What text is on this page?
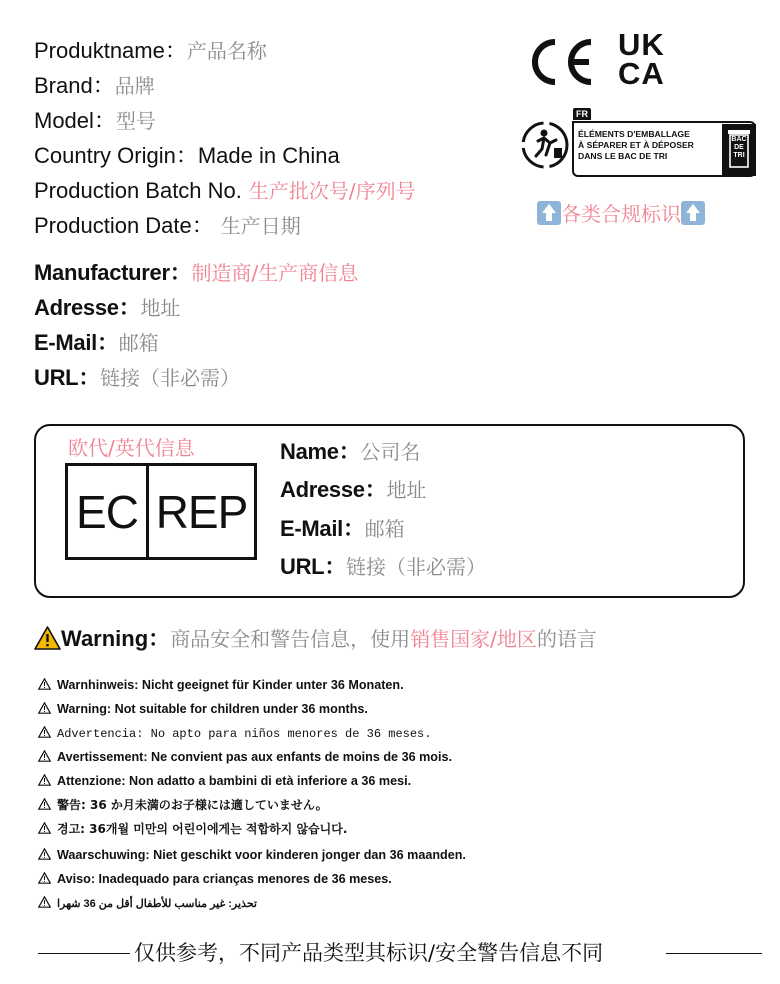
Produktname：产品名称
Brand：品牌
Model：型号
Country Origin：Made in China
Production Batch No. 生产批次号/序列号
Production Date： 生产日期
Manufacturer：制造商/生产商信息
Adresse：地址
E-Mail：邮箱
URL：链接（非必需）
UK
CA
FR
ÉLÉMENTS D'EMBALLAGE
À SÉPARER ET À DÉPOSER
DANS LE BAC DE TRI
BAC
DE
TRI
各类合规标识
欧代/英代信息
EC REP
Name：公司名
Adresse：地址
E-Mail：邮箱
URL：链接（非必需）
Warning：商品安全和警告信息，使用销售国家/地区的语言
Warnhinweis: Nicht geeignet für Kinder unter 36 Monaten.
Warning: Not suitable for children under 36 months.
Advertencia: No apto para niños menores de 36 meses.
Avertissement: Ne convient pas aux enfants de moins de 36 mois.
Attenzione: Non adatto a bambini di età inferiore a 36 mesi.
警告: 36 か月未満のお子様には適していません。
경고: 36개월 미만의 어린이에게는 적합하지 않습니다.
Waarschuwing: Niet geschikt voor kinderen jonger dan 36 maanden.
Aviso: Inadequado para crianças menores de 36 meses.
تحذير: غير مناسب للأطفال أقل من 36 شهرا
仅供参考，不同产品类型其标识/安全警告信息不同
